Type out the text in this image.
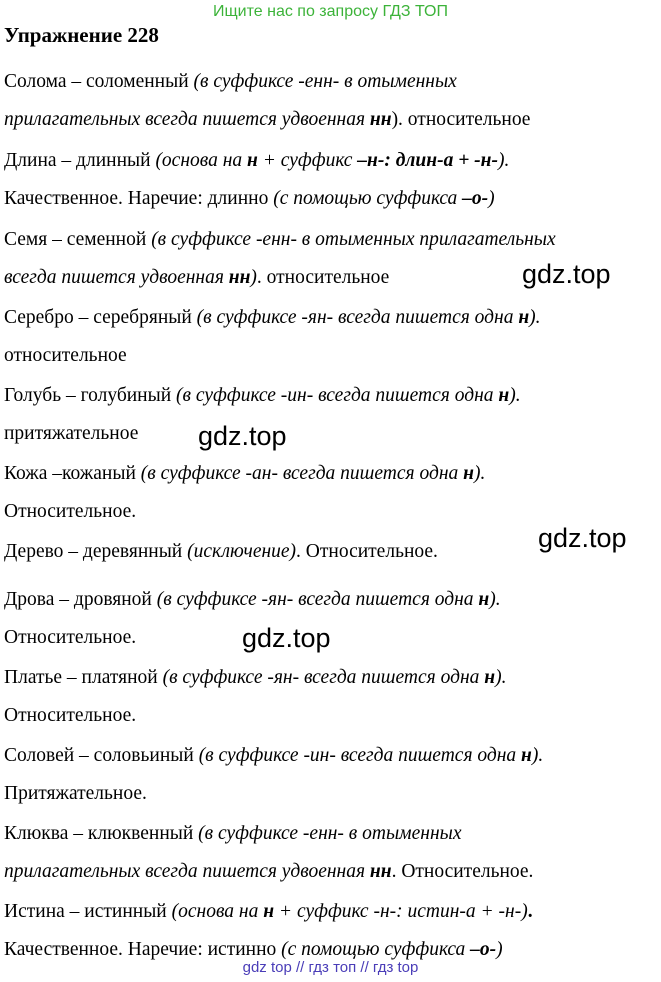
Ищите нас по запросу ГДЗ ТОП
Упражнение 228
Солома – соломенный (в суффиксе -енн- в отыменных
прилагательных всегда пишется удвоенная нн). относительное
Длина – длинный (основа на н + суффикс –н-: длин-а + -н-).
Качественное. Наречие: длинно (с помощью суффикса –о-)
Семя – семенной (в суффиксе -енн- в отыменных прилагательных
всегда пишется удвоенная нн). относительное
Серебро – серебряный (в суффиксе -ян- всегда пишется одна н).
относительное
Голубь – голубиный (в суффиксе -ин- всегда пишется одна н).
притяжательное
Кожа –кожаный (в суффиксе -ан- всегда пишется одна н).
Относительное.
Дерево – деревянный (исключение). Относительное.
Дрова – дровяной (в суффиксе -ян- всегда пишется одна н).
Относительное.
Платье – платяной (в суффиксе -ян- всегда пишется одна н).
Относительное.
Соловей – соловьиный (в суффиксе -ин- всегда пишется одна н).
Притяжательное.
Клюква – клюквенный (в суффиксе -енн- в отыменных
прилагательных всегда пишется удвоенная нн. Относительное.
Истина – истинный (основа на н + суффикс -н-: истин-а + -н-).
Качественное. Наречие: истинно (с помощью суффикса –о-)
gdz.top
gdz.top
gdz.top
gdz.top
gdz top // гдз топ // гдз top
